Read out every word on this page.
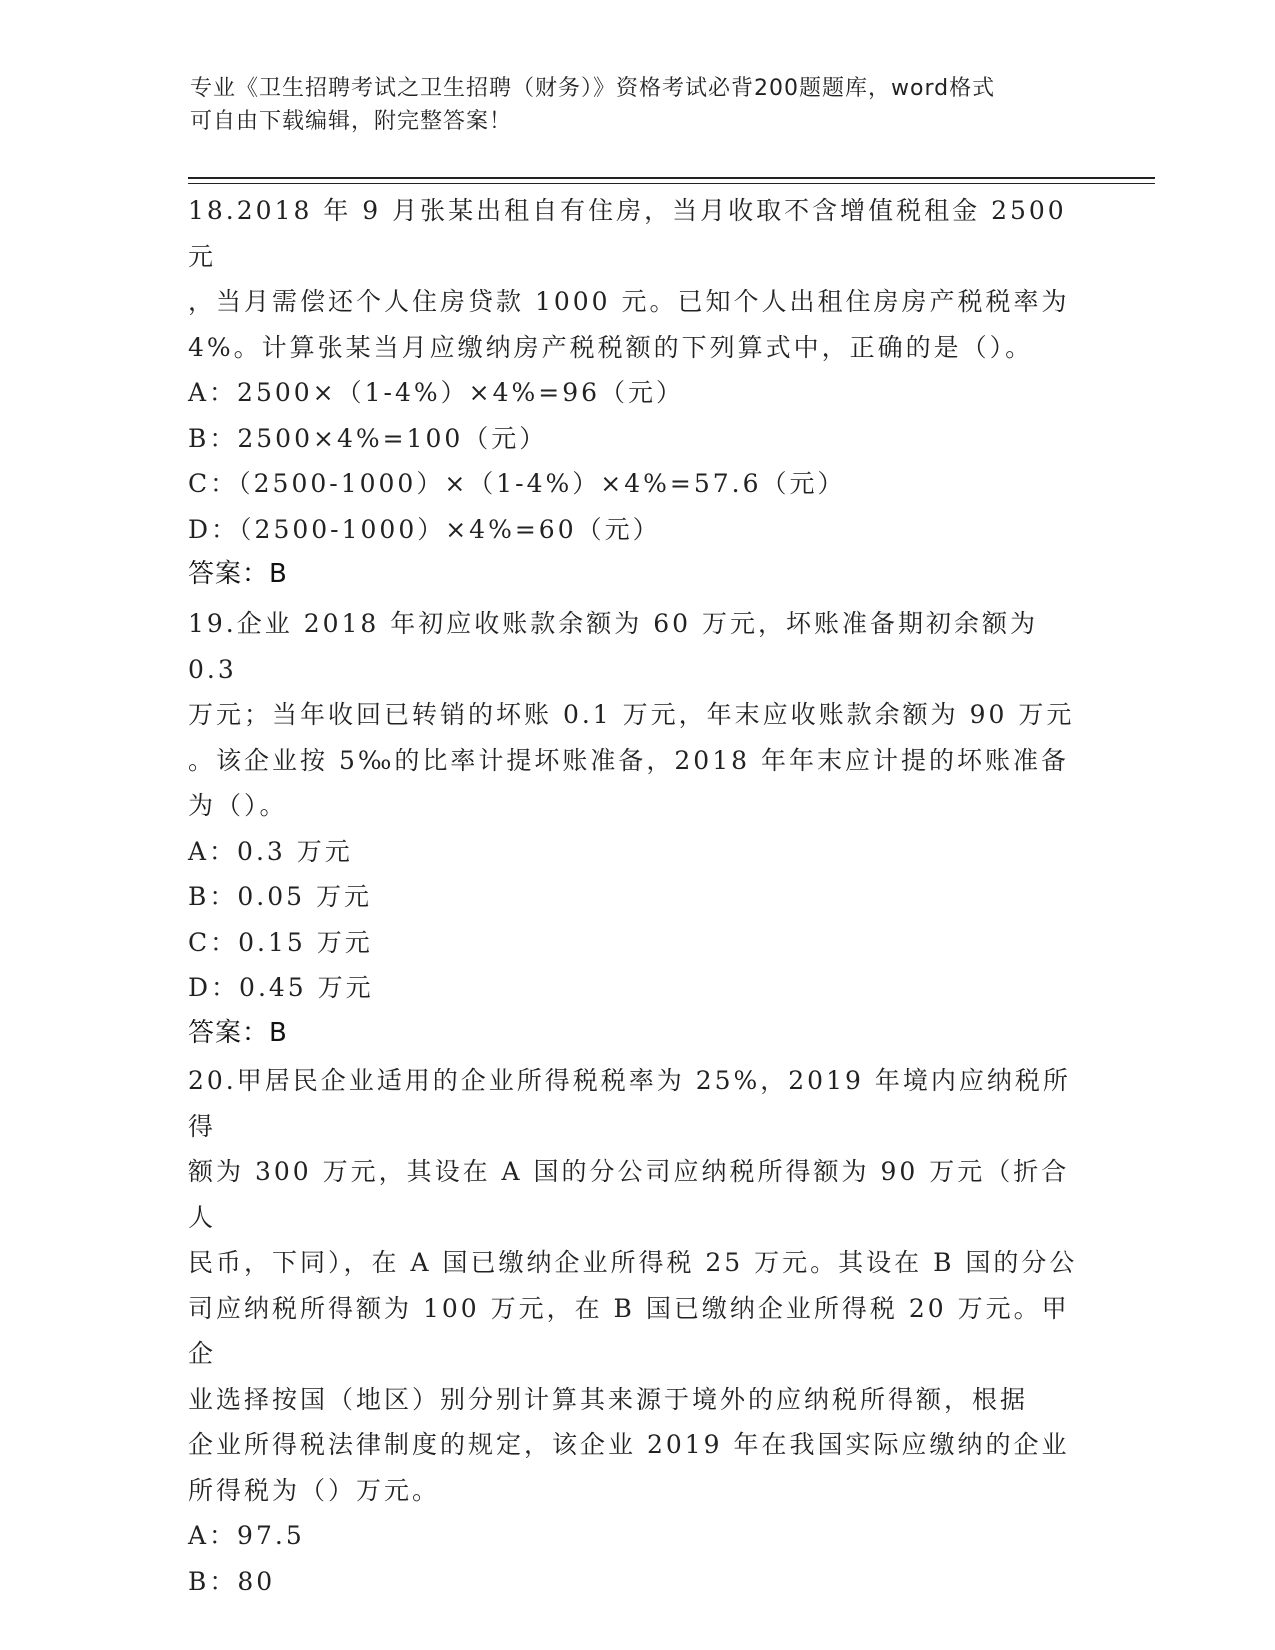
专业《卫生招聘考试之卫生招聘（财务）》资格考试必背200题题库，word格式
可自由下载编辑，附完整答案！
18.2018 年 9 月张某出租自有住房，当月收取不含增值税租金 2500 元
，当月需偿还个人住房贷款 1000 元。已知个人出租住房房产税税率为
4%。计算张某当月应缴纳房产税税额的下列算式中，正确的是（）。
A：2500×（1-4%）×4%=96（元）
B：2500×4%=100（元）
C：（2500-1000）×（1-4%）×4%=57.6（元）
D：（2500-1000）×4%=60（元）
答案：B
19.企业 2018 年初应收账款余额为 60 万元，坏账准备期初余额为 0.3
万元；当年收回已转销的坏账 0.1 万元，年末应收账款余额为 90 万元
。该企业按 5‰的比率计提坏账准备，2018 年年末应计提的坏账准备
为（）。
A：0.3 万元
B：0.05 万元
C：0.15 万元
D：0.45 万元
答案：B
20.甲居民企业适用的企业所得税税率为 25%，2019 年境内应纳税所得
额为 300 万元，其设在 A 国的分公司应纳税所得额为 90 万元（折合人
民币，下同），在 A 国已缴纳企业所得税 25 万元。其设在 B 国的分公
司应纳税所得额为 100 万元，在 B 国已缴纳企业所得税 20 万元。甲企
业选择按国（地区）别分别计算其来源于境外的应纳税所得额，根据
企业所得税法律制度的规定，该企业 2019 年在我国实际应缴纳的企业
所得税为（）万元。
A：97.5
B：80
